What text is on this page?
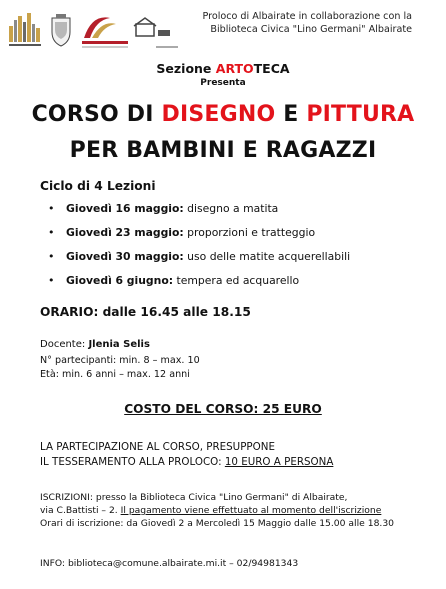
Proloco di Albairate in collaborazione con la
Biblioteca Civica "Lino Germani" Albairate
Sezione ARTOTECA
Presenta
CORSO DI DISEGNO E PITTURA
PER BAMBINI E RAGAZZI
Ciclo di 4 Lezioni
• Giovedì 16 maggio: disegno a matita
• Giovedì 23 maggio: proporzioni e tratteggio
• Giovedì 30 maggio: uso delle matite acquerellabili
• Giovedì 6 giugno: tempera ed acquarello
ORARIO: dalle 16.45 alle 18.15
Docente: Jlenia Selis
N° partecipanti: min. 8 – max. 10
Età: min. 6 anni – max. 12 anni
COSTO DEL CORSO: 25 EURO
LA PARTECIPAZIONE AL CORSO, PRESUPPONE
IL TESSERAMENTO ALLA PROLOCO: 10 EURO A PERSONA
ISCRIZIONI: presso la Biblioteca Civica "Lino Germani" di Albairate,
via C.Battisti – 2. Il pagamento viene effettuato al momento dell'iscrizione
Orari di iscrizione: da Giovedì 2 a Mercoledì 15 Maggio dalle 15.00 alle 18.30
INFO: biblioteca@comune.albairate.mi.it – 02/94981343
